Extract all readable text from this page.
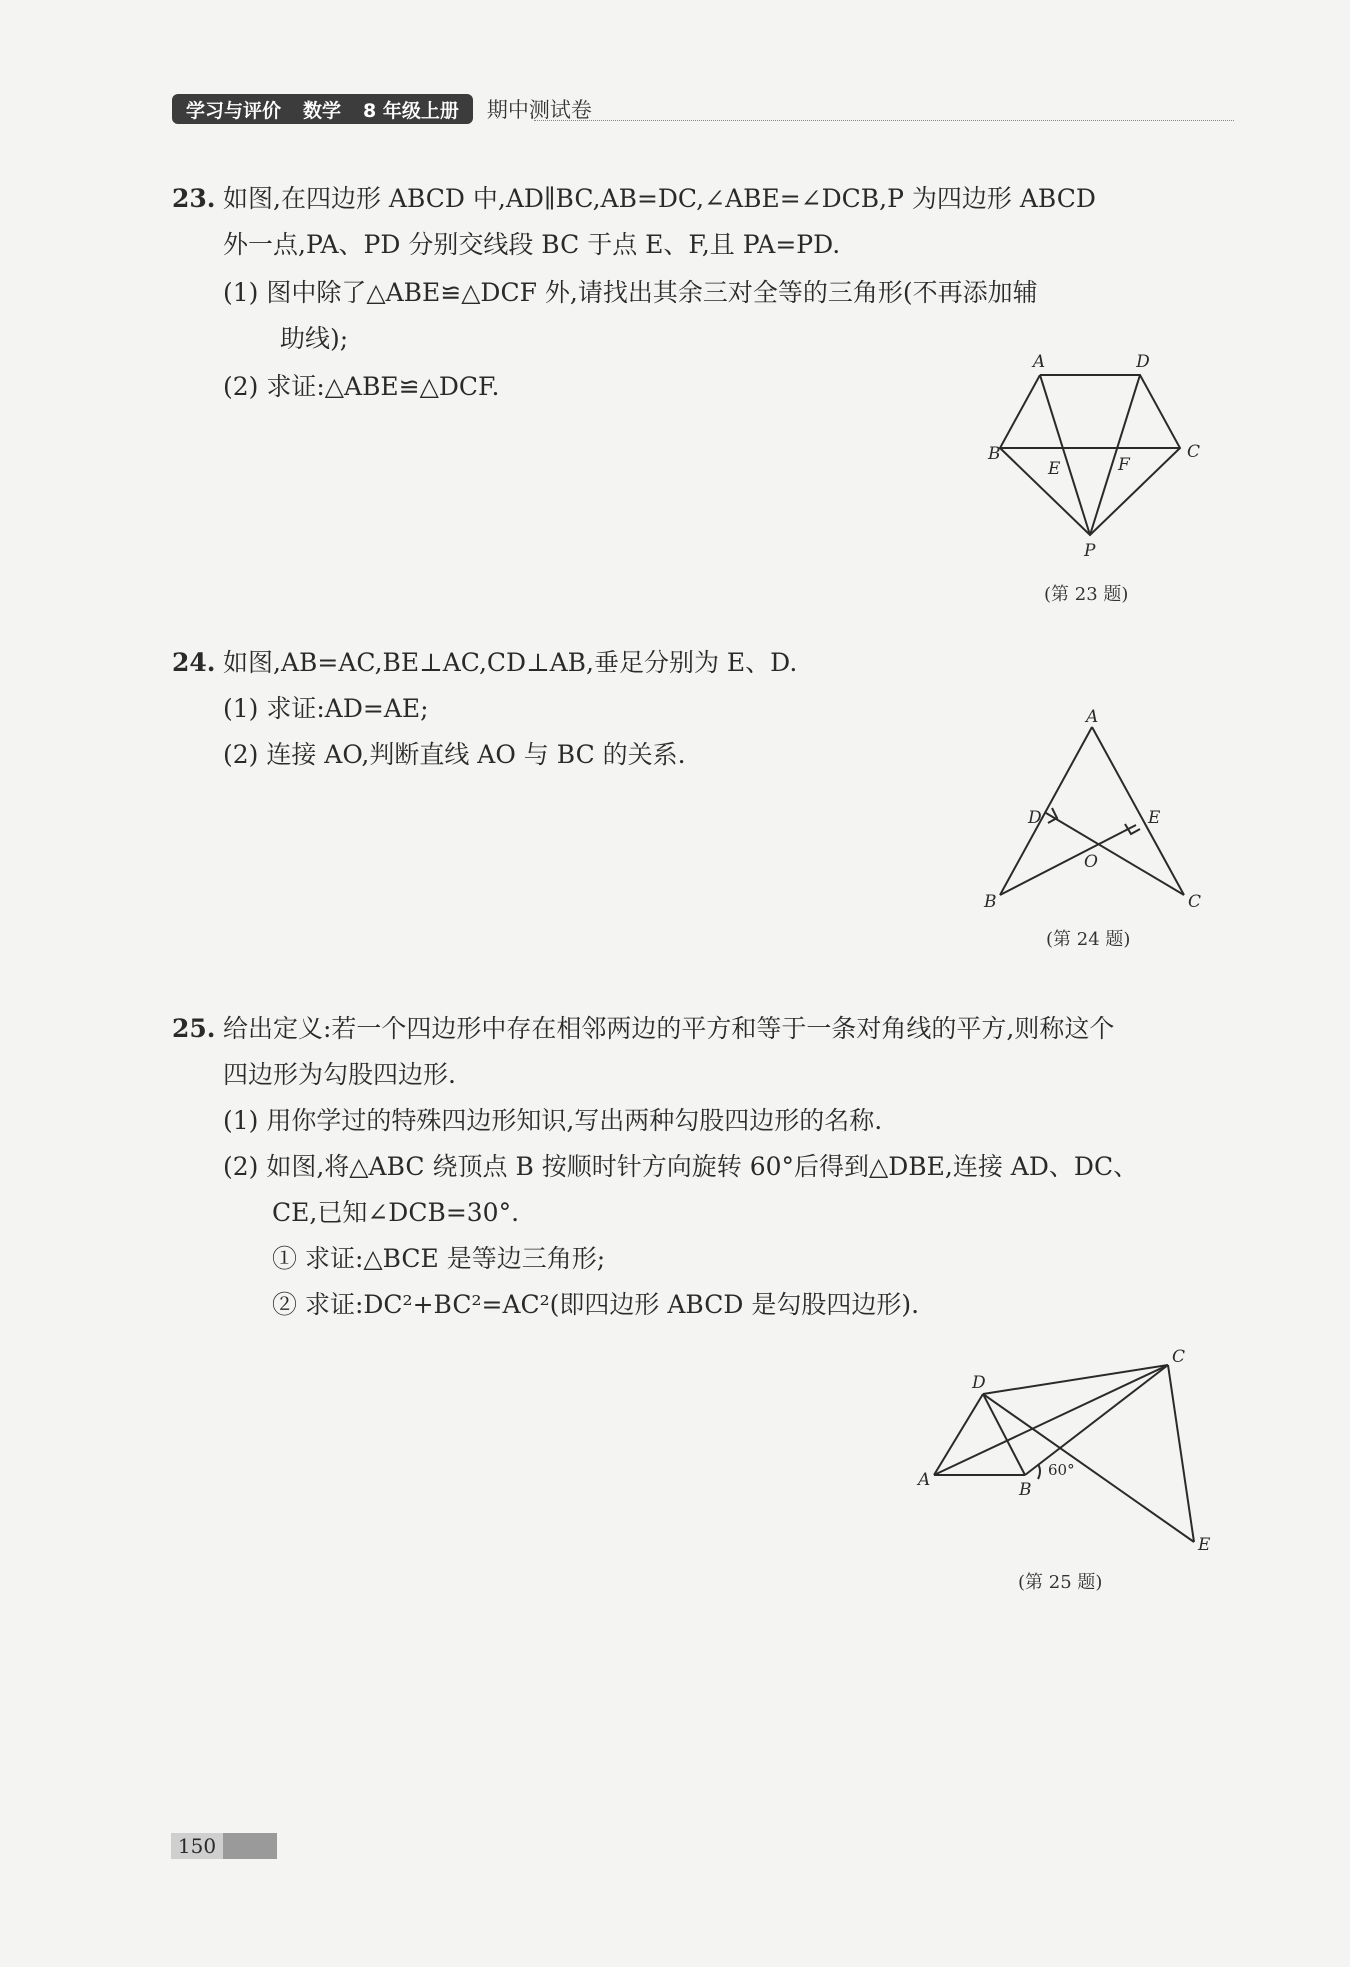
学习与评价 数学 8 年级上册 期中测试卷
23. 如图,在四边形 ABCD 中,AD∥BC,AB=DC,∠ABE=∠DCB,P 为四边形 ABCD
外一点,PA、PD 分别交线段 BC 于点 E、F,且 PA=PD.
(1) 图中除了△ABE≌△DCF 外,请找出其余三对全等的三角形(不再添加辅
助线);
(2) 求证:△ABE≌△DCF.
A	D
B
E	F
C
P
(第 23 题)
24. 如图,AB=AC,BE⊥AC,CD⊥AB,垂足分别为 E、D.
(1) 求证:AD=AE;
(2) 连接 AO,判断直线 AO 与 BC 的关系.
A
D	E
O
B	C
(第 24 题)
25. 给出定义:若一个四边形中存在相邻两边的平方和等于一条对角线的平方,则称这个
四边形为勾股四边形.
(1) 用你学过的特殊四边形知识,写出两种勾股四边形的名称.
(2) 如图,将△ABC 绕顶点 B 按顺时针方向旋转 60°后得到△DBE,连接 AD、DC、
CE,已知∠DCB=30°.
① 求证:△BCE 是等边三角形;
② 求证:DC²+BC²=AC²(即四边形 ABCD 是勾股四边形).
D
C
A	B
E
60°
(第 25 题)
150
